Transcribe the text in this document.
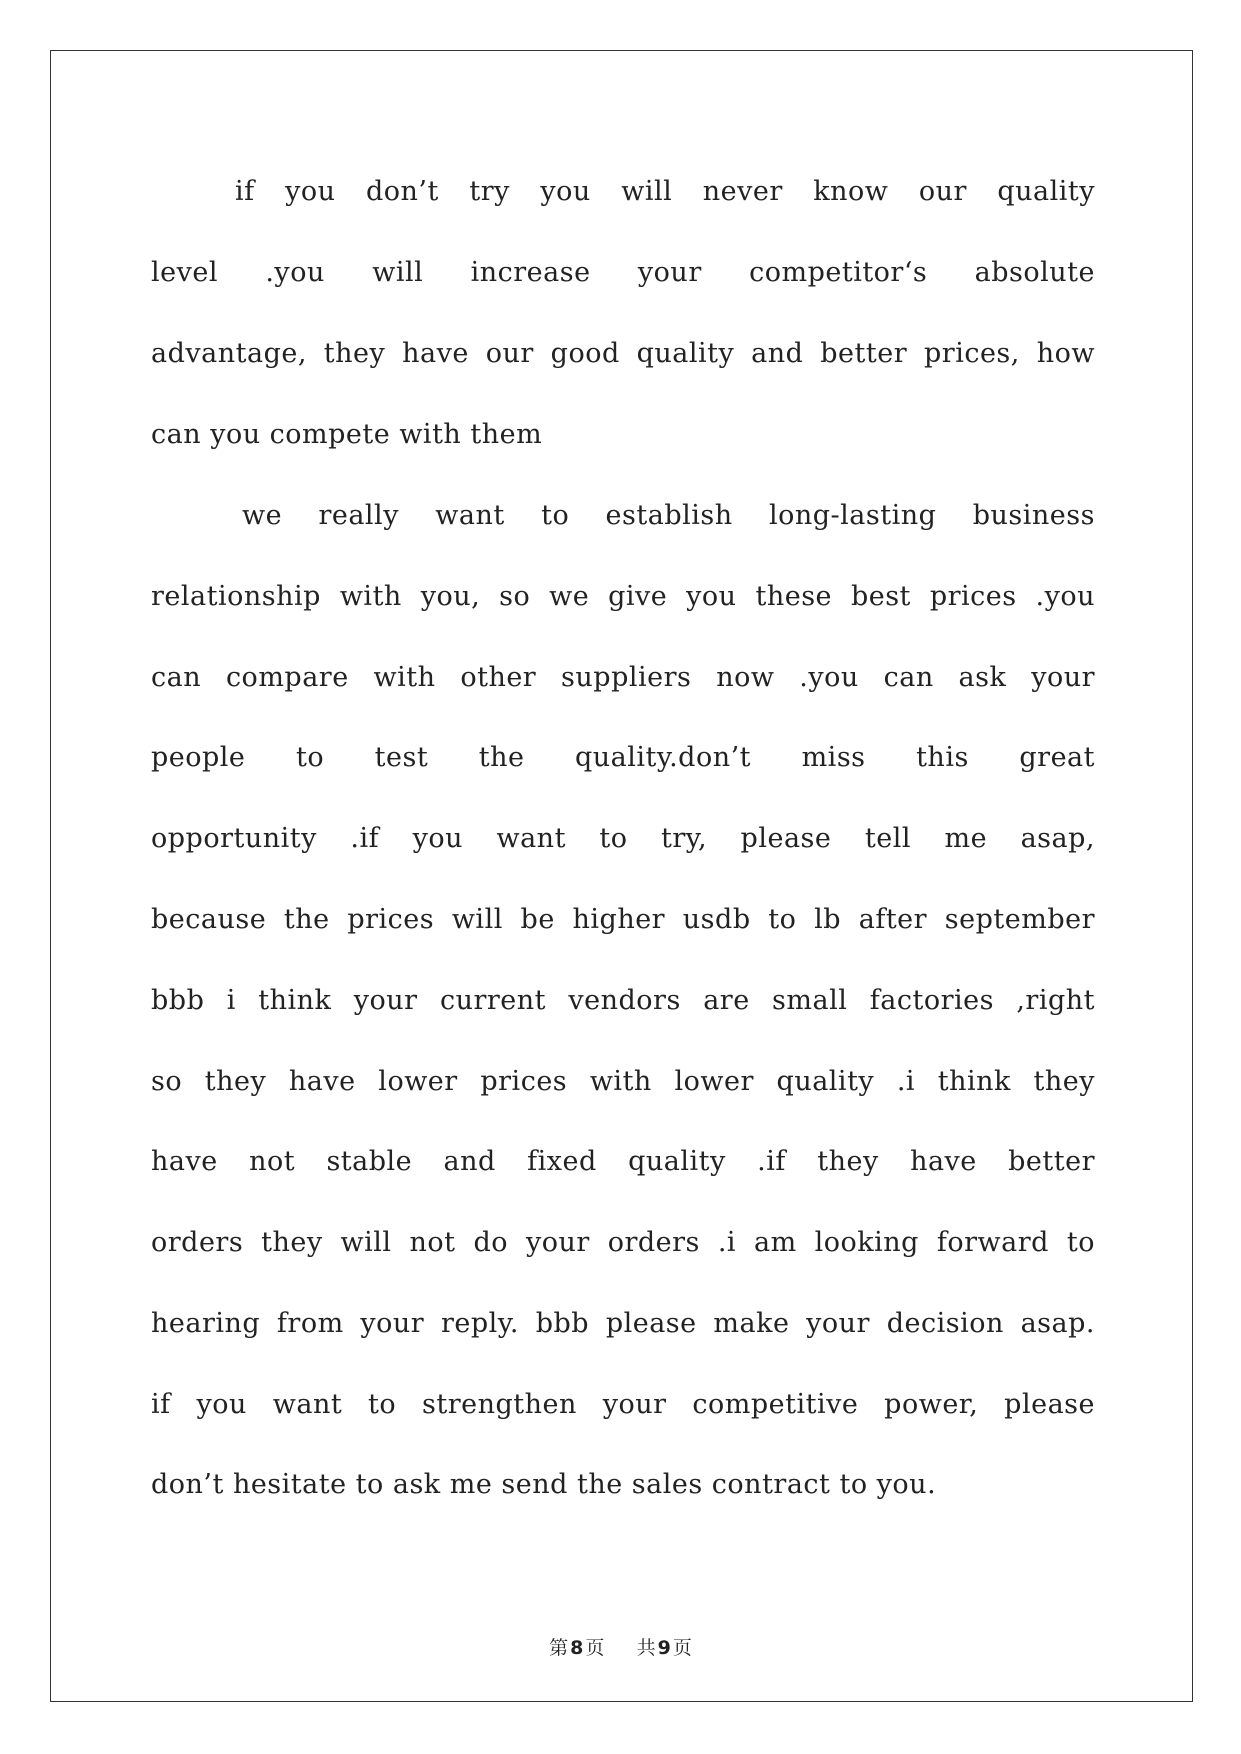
if you don’t try you will never know our quality
level .you will increase your competitor‘s absolute
advantage, they have our good quality and better prices, how
can you compete with them
we really want to establish long-lasting business
relationship with you, so we give you these best prices .you
can compare with other suppliers now .you can ask your
people to test the quality.don’t miss this great
opportunity .if you want to try, please tell me asap,
because the prices will be higher usdb to lb after september
bbb i think your current vendors are small factories ,right
so they have lower prices with lower quality .i think they
have not stable and fixed quality .if they have better
orders they will not do your orders .i am looking forward to
hearing from your reply. bbb please make your decision asap.
if you want to strengthen your competitive power, please
don’t hesitate to ask me send the sales contract to you.
第 8 页 共 9 页
